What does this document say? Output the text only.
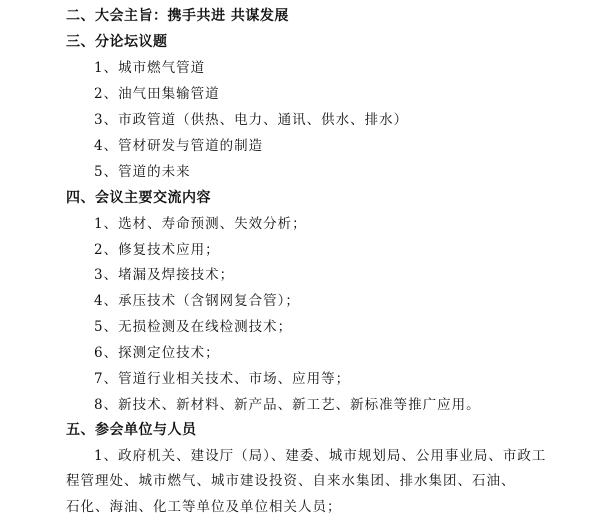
二、大会主旨：携手共进 共谋发展
三、分论坛议题
1、城市燃气管道
2、油气田集输管道
3、市政管道（供热、电力、通讯、供水、排水）
4、管材研发与管道的制造
5、管道的未来
四、会议主要交流内容
1、选材、寿命预测、失效分析；
2、修复技术应用；
3、堵漏及焊接技术；
4、承压技术（含钢网复合管）；
5、无损检测及在线检测技术；
6、探测定位技术；
7、管道行业相关技术、市场、应用等；
8、新技术、新材料、新产品、新工艺、新标准等推广应用。
五、参会单位与人员
1、政府机关、建设厅（局）、建委、城市规划局、公用事业局、市政工
程管理处、城市燃气、城市建设投资、自来水集团、排水集团、石油、
石化、海油、化工等单位及单位相关人员；
